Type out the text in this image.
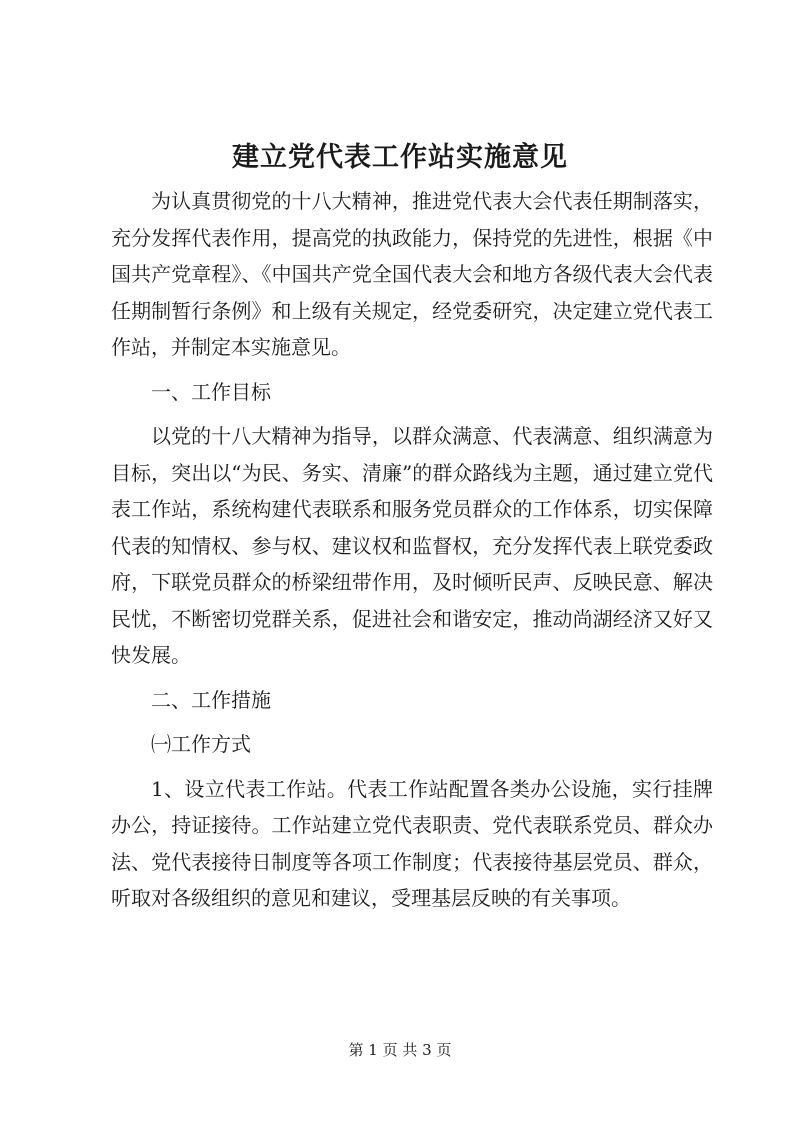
建立党代表工作站实施意见

为认真贯彻党的十八大精神，推进党代表大会代表任期制落实，充分发挥代表作用，提高党的执政能力，保持党的先进性，根据《中国共产党章程》、《中国共产党全国代表大会和地方各级代表大会代表任期制暂行条例》和上级有关规定，经党委研究，决定建立党代表工作站，并制定本实施意见。

一、工作目标

以党的十八大精神为指导，以群众满意、代表满意、组织满意为目标，突出以“为民、务实、清廉”的群众路线为主题，通过建立党代表工作站，系统构建代表联系和服务党员群众的工作体系，切实保障代表的知情权、参与权、建议权和监督权，充分发挥代表上联党委政府，下联党员群众的桥梁纽带作用，及时倾听民声、反映民意、解决民忧，不断密切党群关系，促进社会和谐安定，推动尚湖经济又好又快发展。

二、工作措施

㈠工作方式

1、设立代表工作站。代表工作站配置各类办公设施，实行挂牌办公，持证接待。工作站建立党代表职责、党代表联系党员、群众办法、党代表接待日制度等各项工作制度；代表接待基层党员、群众，听取对各级组织的意见和建议，受理基层反映的有关事项。

第 1 页 共 3 页
